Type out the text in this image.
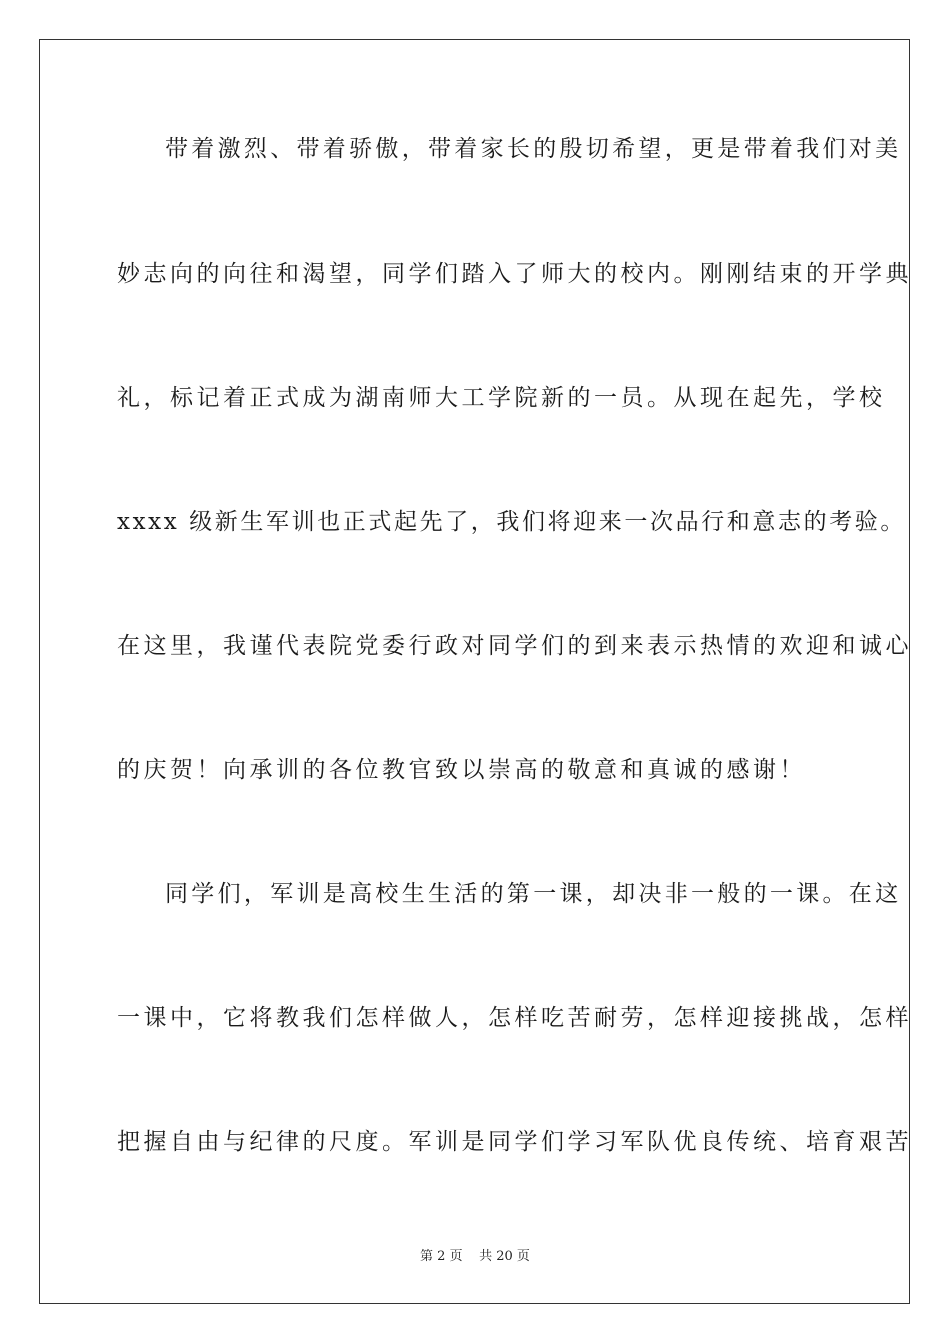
带着激烈、带着骄傲，带着家长的殷切希望，更是带着我们对美
妙志向的向往和渴望，同学们踏入了师大的校内。刚刚结束的开学典
礼，标记着正式成为湖南师大工学院新的一员。从现在起先，学校
xxxx 级新生军训也正式起先了，我们将迎来一次品行和意志的考验。
在这里，我谨代表院党委行政对同学们的到来表示热情的欢迎和诚心
的庆贺！向承训的各位教官致以崇高的敬意和真诚的感谢！
同学们，军训是高校生生活的第一课，却决非一般的一课。在这
一课中，它将教我们怎样做人，怎样吃苦耐劳，怎样迎接挑战，怎样
把握自由与纪律的尺度。军训是同学们学习军队优良传统、培育艰苦
第 2 页 共 20 页
